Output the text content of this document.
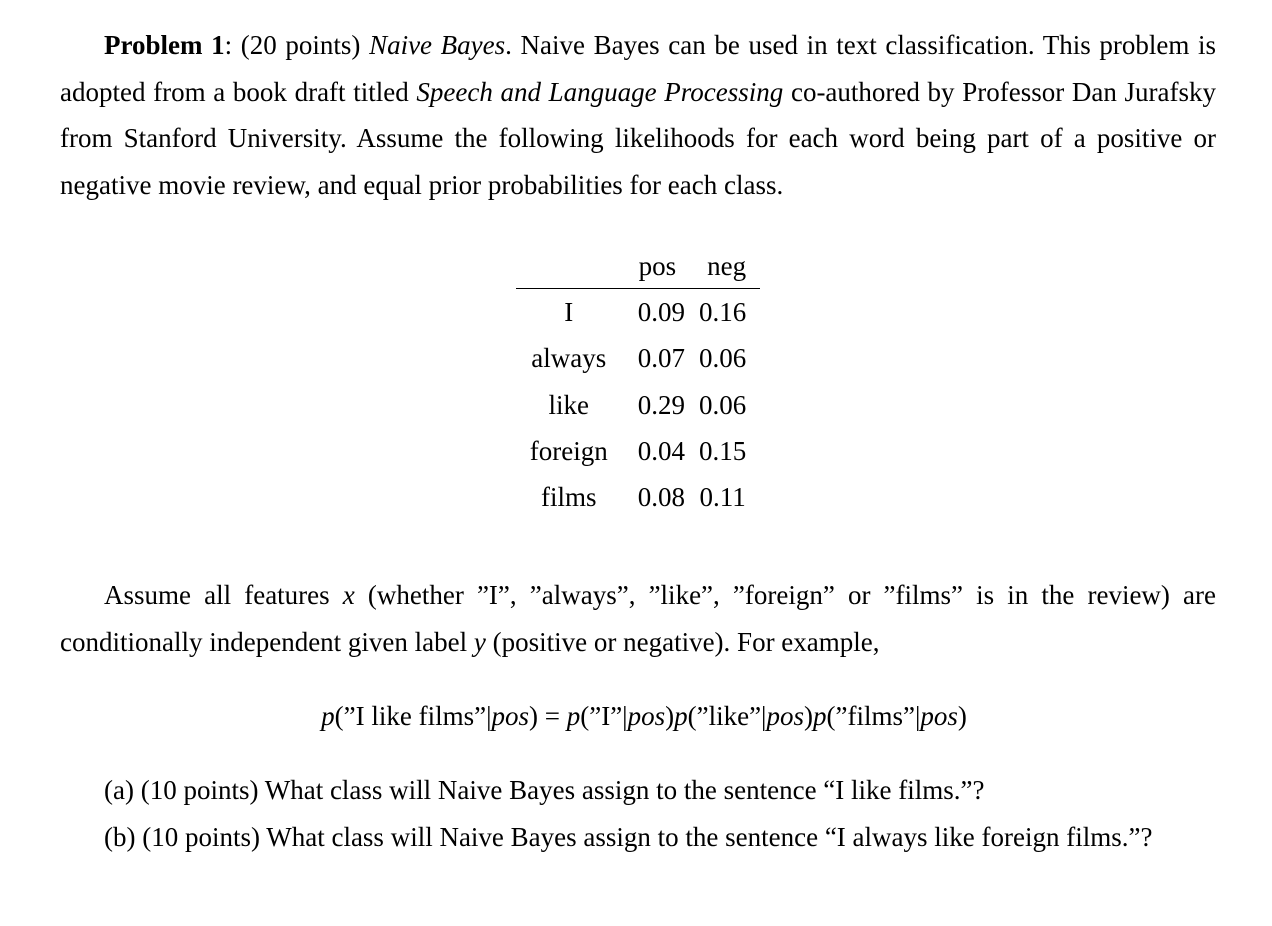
Problem 1: (20 points) Naive Bayes. Naive Bayes can be used in text classification. This problem is adopted from a book draft titled Speech and Language Processing co-authored by Professor Dan Jurafsky from Stanford University. Assume the following likelihoods for each word being part of a positive or negative movie review, and equal prior probabilities for each class.

	pos	neg
I	0.09	0.16
always	0.07	0.06
like	0.29	0.06
foreign	0.04	0.15
films	0.08	0.11

Assume all features x (whether ”I”, ”always”, ”like”, ”foreign” or ”films” is in the review) are conditionally independent given label y (positive or negative). For example,

p(”I like films”|pos) = p(”I”|pos)p(”like”|pos)p(”films”|pos)

(a) (10 points) What class will Naive Bayes assign to the sentence “I like films.”?

(b) (10 points) What class will Naive Bayes assign to the sentence “I always like foreign films.”?
